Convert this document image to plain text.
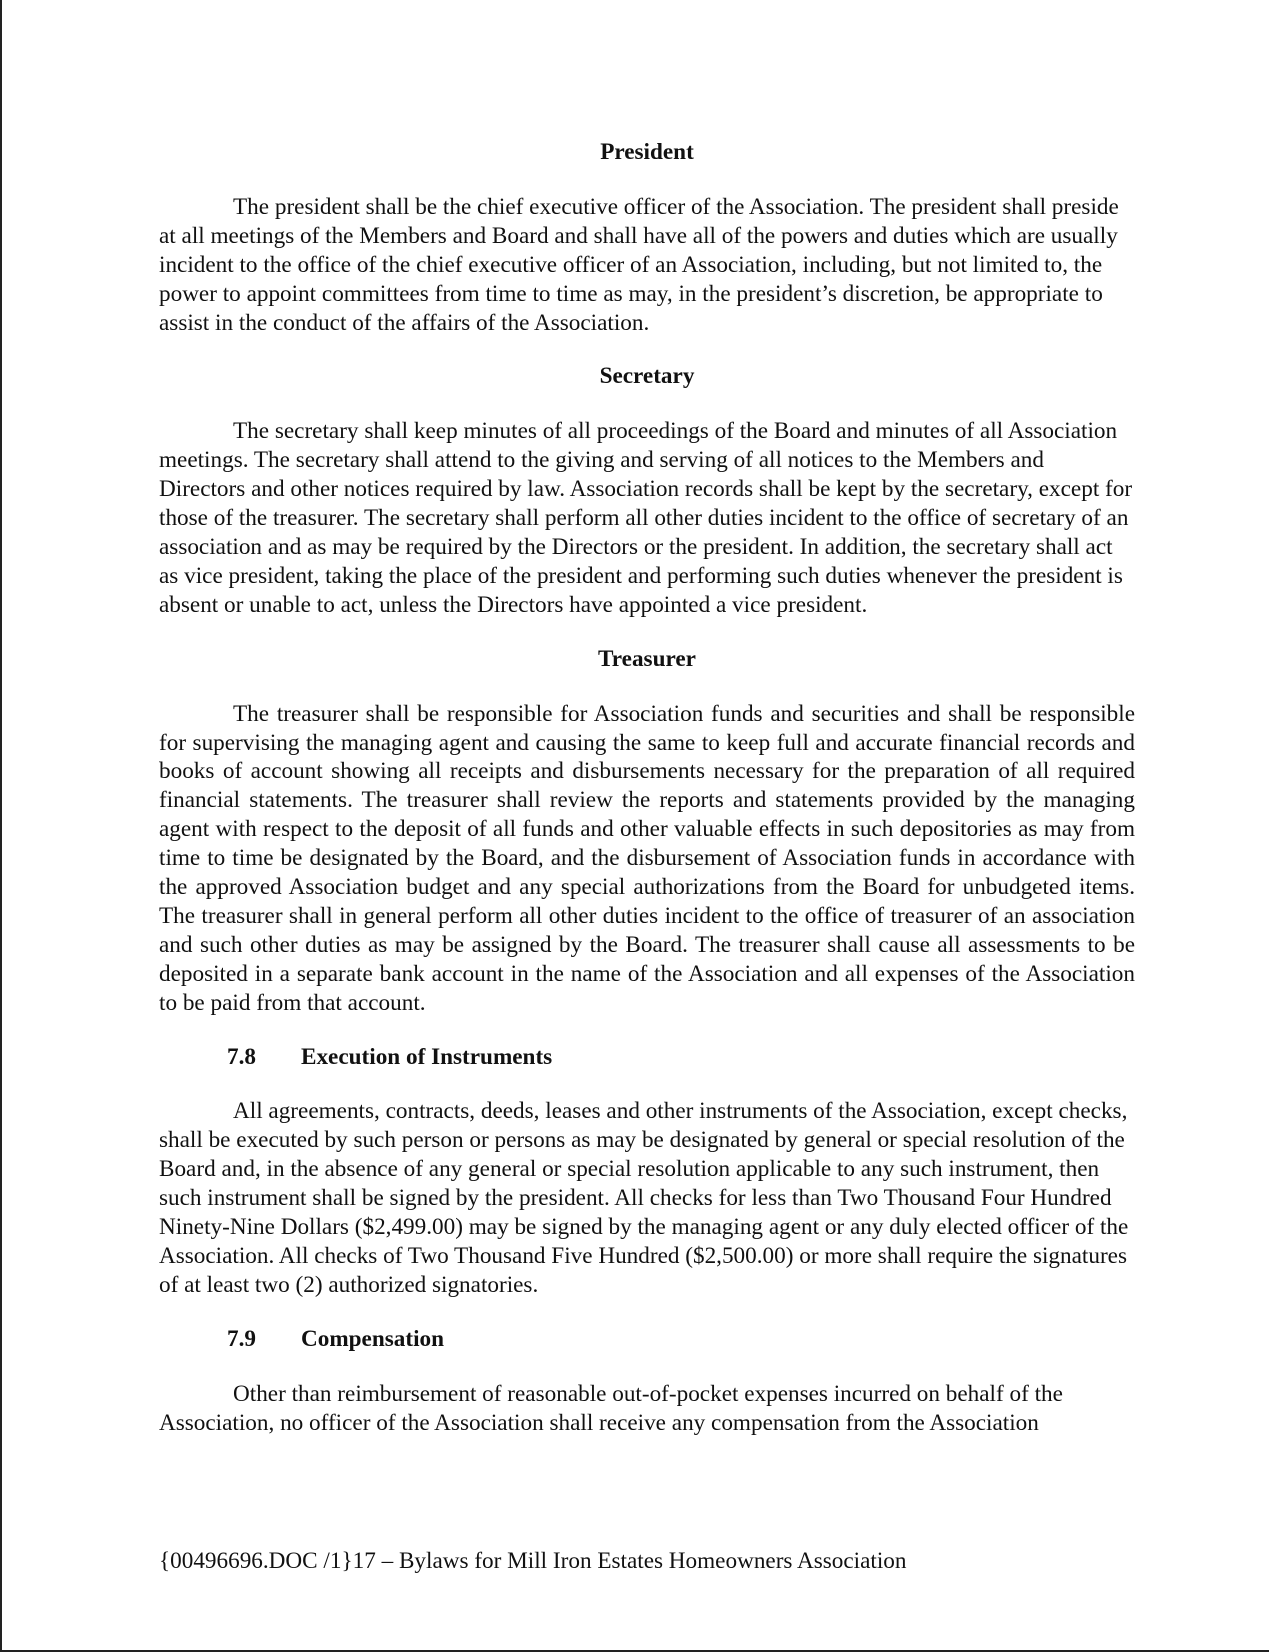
President

The president shall be the chief executive officer of the Association. The president shall preside at all meetings of the Members and Board and shall have all of the powers and duties which are usually incident to the office of the chief executive officer of an Association, including, but not limited to, the power to appoint committees from time to time as may, in the president’s discretion, be appropriate to assist in the conduct of the affairs of the Association.

Secretary

The secretary shall keep minutes of all proceedings of the Board and minutes of all Association meetings. The secretary shall attend to the giving and serving of all notices to the Members and Directors and other notices required by law. Association records shall be kept by the secretary, except for those of the treasurer. The secretary shall perform all other duties incident to the office of secretary of an association and as may be required by the Directors or the president. In addition, the secretary shall act as vice president, taking the place of the president and performing such duties whenever the president is absent or unable to act, unless the Directors have appointed a vice president.

Treasurer

The treasurer shall be responsible for Association funds and securities and shall be responsible for supervising the managing agent and causing the same to keep full and accurate financial records and books of account showing all receipts and disbursements necessary for the preparation of all required financial statements. The treasurer shall review the reports and statements provided by the managing agent with respect to the deposit of all funds and other valuable effects in such depositories as may from time to time be designated by the Board, and the disbursement of Association funds in accordance with the approved Association budget and any special authorizations from the Board for unbudgeted items. The treasurer shall in general perform all other duties incident to the office of treasurer of an association and such other duties as may be assigned by the Board. The treasurer shall cause all assessments to be deposited in a separate bank account in the name of the Association and all expenses of the Association to be paid from that account.

7.8 Execution of Instruments

All agreements, contracts, deeds, leases and other instruments of the Association, except checks, shall be executed by such person or persons as may be designated by general or special resolution of the Board and, in the absence of any general or special resolution applicable to any such instrument, then such instrument shall be signed by the president. All checks for less than Two Thousand Four Hundred Ninety-Nine Dollars ($2,499.00) may be signed by the managing agent or any duly elected officer of the Association. All checks of Two Thousand Five Hundred ($2,500.00) or more shall require the signatures of at least two (2) authorized signatories.

7.9 Compensation

Other than reimbursement of reasonable out-of-pocket expenses incurred on behalf of the Association, no officer of the Association shall receive any compensation from the Association

{00496696.DOC /1}17 – Bylaws for Mill Iron Estates Homeowners Association
